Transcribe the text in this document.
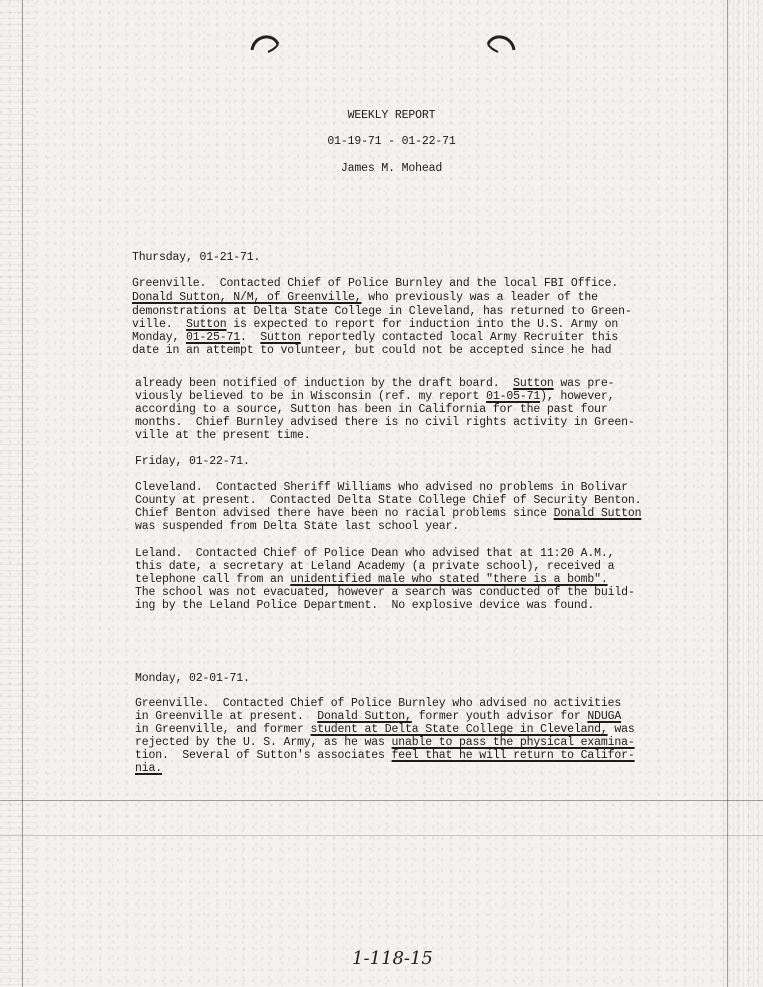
WEEKLY REPORT
01-19-71 - 01-22-71
James M. Mohead
Thursday, 01-21-71.
Greenville.  Contacted Chief of Police Burnley and the local FBI Office.
Donald Sutton, N/M, of Greenville, who previously was a leader of the
demonstrations at Delta State College in Cleveland, has returned to Green-
ville.  Sutton is expected to report for induction into the U.S. Army on
Monday, 01-25-71.  Sutton reportedly contacted local Army Recruiter this
date in an attempt to volunteer, but could not be accepted since he had
already been notified of induction by the draft board.  Sutton was pre-
viously believed to be in Wisconsin (ref. my report 01-05-71), however,
according to a source, Sutton has been in California for the past four
months.  Chief Burnley advised there is no civil rights activity in Green-
ville at the present time.
Friday, 01-22-71.
Cleveland.  Contacted Sheriff Williams who advised no problems in Bolivar
County at present.  Contacted Delta State College Chief of Security Benton.
Chief Benton advised there have been no racial problems since Donald Sutton
was suspended from Delta State last school year.
Leland.  Contacted Chief of Police Dean who advised that at 11:20 A.M.,
this date, a secretary at Leland Academy (a private school), received a
telephone call from an unidentified male who stated "there is a bomb".
The school was not evacuated, however a search was conducted of the build-
ing by the Leland Police Department.  No explosive device was found.
Monday, 02-01-71.
Greenville.  Contacted Chief of Police Burnley who advised no activities
in Greenville at present.  Donald Sutton, former youth advisor for NDUGA
in Greenville, and former student at Delta State College in Cleveland, was
rejected by the U. S. Army, as he was unable to pass the physical examina-
tion.  Several of Sutton's associates feel that he will return to Califor-
nia.
1-118-15
